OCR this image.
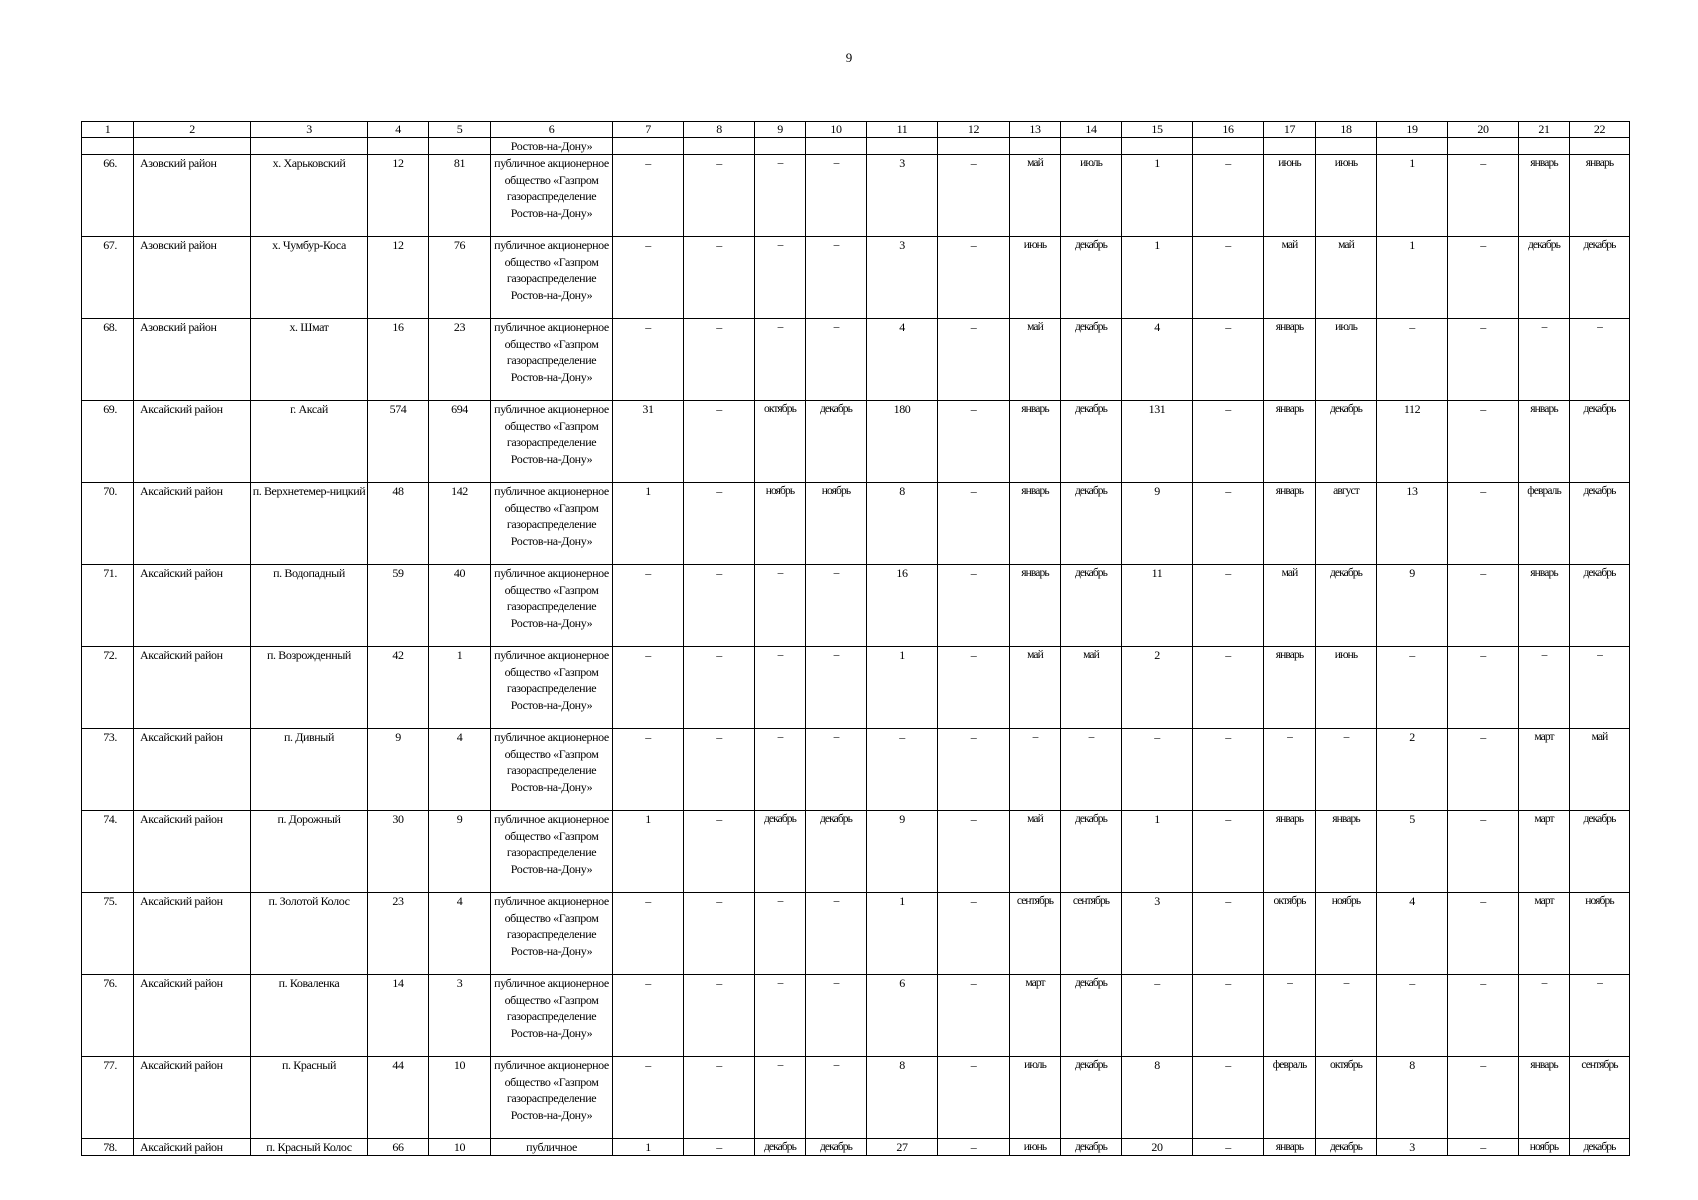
9
1	2	3	4	5	6	7	8	9	10	11	12	13	14	15	16	17	18	19	20	21	22
					Ростов-на-Дону»																
66.	Азовский район	х. Харьковский	12	81	публичное акционерное общество «Газпром газораспределение Ростов-на-Дону»	–	–	–	–	3	–	май	июль	1	–	июнь	июнь	1	–	январь	январь
67.	Азовский район	х. Чумбур-Коса	12	76	публичное акционерное общество «Газпром газораспределение Ростов-на-Дону»	–	–	–	–	3	–	июнь	декабрь	1	–	май	май	1	–	декабрь	декабрь
68.	Азовский район	х. Шмат	16	23	публичное акционерное общество «Газпром газораспределение Ростов-на-Дону»	–	–	–	–	4	–	май	декабрь	4	–	январь	июль	–	–	–	–
69.	Аксайский район	г. Аксай	574	694	публичное акционерное общество «Газпром газораспределение Ростов-на-Дону»	31	–	октябрь	декабрь	180	–	январь	декабрь	131	–	январь	декабрь	112	–	январь	декабрь
70.	Аксайский район	п. Верхнетемер-ницкий	48	142	публичное акционерное общество «Газпром газораспределение Ростов-на-Дону»	1	–	ноябрь	ноябрь	8	–	январь	декабрь	9	–	январь	август	13	–	февраль	декабрь
71.	Аксайский район	п. Водопадный	59	40	публичное акционерное общество «Газпром газораспределение Ростов-на-Дону»	–	–	–	–	16	–	январь	декабрь	11	–	май	декабрь	9	–	январь	декабрь
72.	Аксайский район	п. Возрожденный	42	1	публичное акционерное общество «Газпром газораспределение Ростов-на-Дону»	–	–	–	–	1	–	май	май	2	–	январь	июнь	–	–	–	–
73.	Аксайский район	п. Дивный	9	4	публичное акционерное общество «Газпром газораспределение Ростов-на-Дону»	–	–	–	–	–	–	–	–	–	–	–	–	2	–	март	май
74.	Аксайский район	п. Дорожный	30	9	публичное акционерное общество «Газпром газораспределение Ростов-на-Дону»	1	–	декабрь	декабрь	9	–	май	декабрь	1	–	январь	январь	5	–	март	декабрь
75.	Аксайский район	п. Золотой Колос	23	4	публичное акционерное общество «Газпром газораспределение Ростов-на-Дону»	–	–	–	–	1	–	сентябрь	сентябрь	3	–	октябрь	ноябрь	4	–	март	ноябрь
76.	Аксайский район	п. Коваленка	14	3	публичное акционерное общество «Газпром газораспределение Ростов-на-Дону»	–	–	–	–	6	–	март	декабрь	–	–	–	–	–	–	–	–
77.	Аксайский район	п. Красный	44	10	публичное акционерное общество «Газпром газораспределение Ростов-на-Дону»	–	–	–	–	8	–	июль	декабрь	8	–	февраль	октябрь	8	–	январь	сентябрь
78.	Аксайский район	п. Красный Колос	66	10	публичное	1	–	декабрь	декабрь	27	–	июнь	декабрь	20	–	январь	декабрь	3	–	ноябрь	декабрь
